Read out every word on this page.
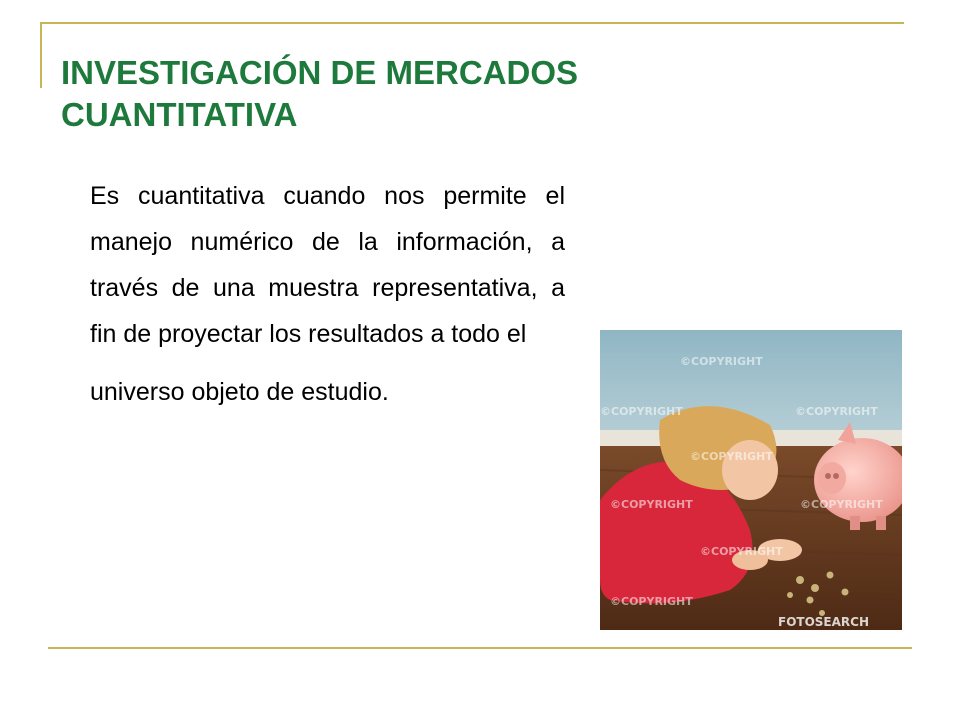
INVESTIGACIÓN DE MERCADOS
CUANTITATIVA

Es cuantitativa cuando nos permite el manejo numérico de la información, a través de una muestra representativa, a fin de proyectar los resultados a todo el
universo objeto de estudio.

©COPYRIGHT
©COPYRIGHT	©COPYRIGHT
©COPYRIGHT
©COPYRIGHT	©COPYRIGHT
©COPYRIGHT
©COPYRIGHT
FOTOSEARCH
